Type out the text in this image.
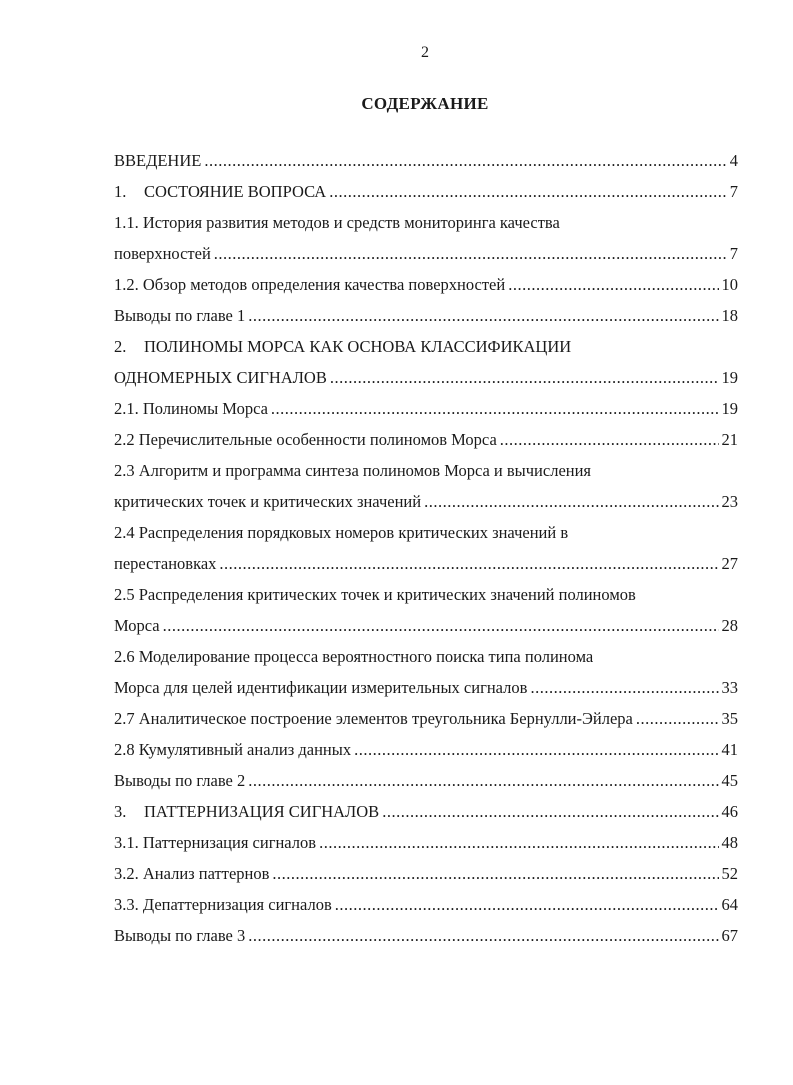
2
СОДЕРЖАНИЕ
ВВЕДЕНИЕ .....	4
1. СОСТОЯНИЕ ВОПРОСА .....	7
1.1. История развития методов и средств мониторинга качества
поверхностей .....	7
1.2. Обзор методов определения качества поверхностей .....	10
Выводы по главе 1 .....	18
2. ПОЛИНОМЫ МОРСА КАК ОСНОВА КЛАССИФИКАЦИИ
ОДНОМЕРНЫХ СИГНАЛОВ .....	19
2.1. Полиномы Морса .....	19
2.2 Перечислительные особенности полиномов Морса .....	21
2.3 Алгоритм и программа синтеза полиномов Морса и вычисления
критических точек и критических значений .....	23
2.4 Распределения порядковых номеров критических значений в
перестановках .....	27
2.5 Распределения критических точек и критических значений полиномов
Морса .....	28
2.6 Моделирование процесса вероятностного поиска типа полинома
Морса для целей идентификации измерительных сигналов .....	33
2.7 Аналитическое построение элементов треугольника Бернулли-Эйлера .....	35
2.8 Кумулятивный анализ данных .....	41
Выводы по главе 2 .....	45
3. ПАТТЕРНИЗАЦИЯ СИГНАЛОВ .....	46
3.1. Паттернизация сигналов .....	48
3.2. Анализ паттернов .....	52
3.3. Депаттернизация сигналов .....	64
Выводы по главе 3 .....	67
